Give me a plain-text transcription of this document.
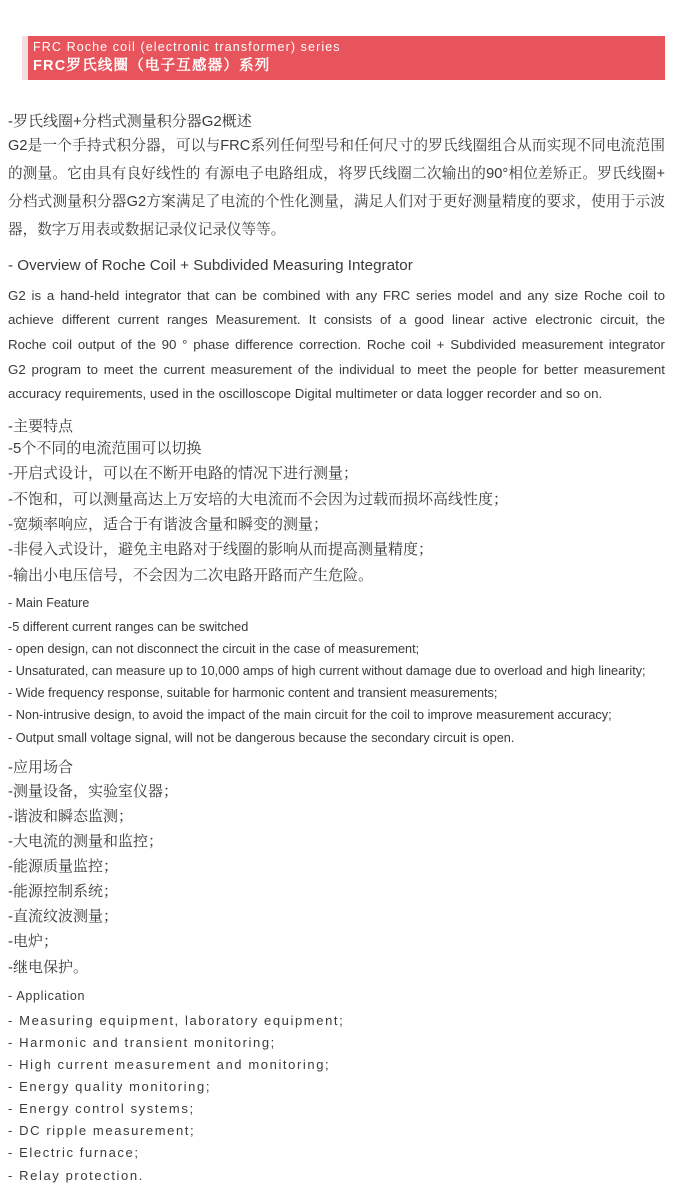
FRC Roche coil (electronic transformer) series
FRC罗氏线圈（电子互感器）系列
-罗氏线圈+分档式测量积分器G2概述
G2是一个手持式积分器，可以与FRC系列任何型号和任何尺寸的罗氏线圈组合从而实现不同电流范围
的测量。它由具有良好线性的 有源电子电路组成，将罗氏线圈二次输出的90°相位差矫正。罗氏线圈+
分档式测量积分器G2方案满足了电流的个性化测量，满足人们对于更好测量精度的要求，使用于示波
器，数字万用表或数据记录仪记录仪等等。
- Overview of Roche Coil + Subdivided Measuring Integrator
G2 is a hand-held integrator that can be combined with any FRC series model and any size Roche coil to
achieve different current ranges Measurement. It consists of a good linear active electronic circuit, the
Roche coil output of the 90 ° phase difference correction. Roche coil + Subdivided measurement integrator
G2 program to meet the current measurement of the individual to meet the people for better measurement
accuracy requirements, used in the oscilloscope Digital multimeter or data logger recorder and so on.
-主要特点
-5个不同的电流范围可以切换
-开启式设计，可以在不断开电路的情况下进行测量；
-不饱和，可以测量高达上万安培的大电流而不会因为过载而损坏高线性度；
-宽频率响应，适合于有谐波含量和瞬变的测量；
-非侵入式设计，避免主电路对于线圈的影响从而提高测量精度；
-输出小电压信号，不会因为二次电路开路而产生危险。
- Main Feature
-5 different current ranges can be switched
- open design, can not disconnect the circuit in the case of measurement;
- Unsaturated, can measure up to 10,000 amps of high current without damage due to overload and high linearity;
- Wide frequency response, suitable for harmonic content and transient measurements;
- Non-intrusive design, to avoid the impact of the main circuit for the coil to improve measurement accuracy;
- Output small voltage signal, will not be dangerous because the secondary circuit is open.
-应用场合
-测量设备，实验室仪器；
-谐波和瞬态监测；
-大电流的测量和监控；
-能源质量监控；
-能源控制系统；
-直流纹波测量；
-电炉；
-继电保护。
- Application
- Measuring equipment, laboratory equipment;
- Harmonic and transient monitoring;
- High current measurement and monitoring;
- Energy quality monitoring;
- Energy control systems;
- DC ripple measurement;
- Electric furnace;
- Relay protection.
